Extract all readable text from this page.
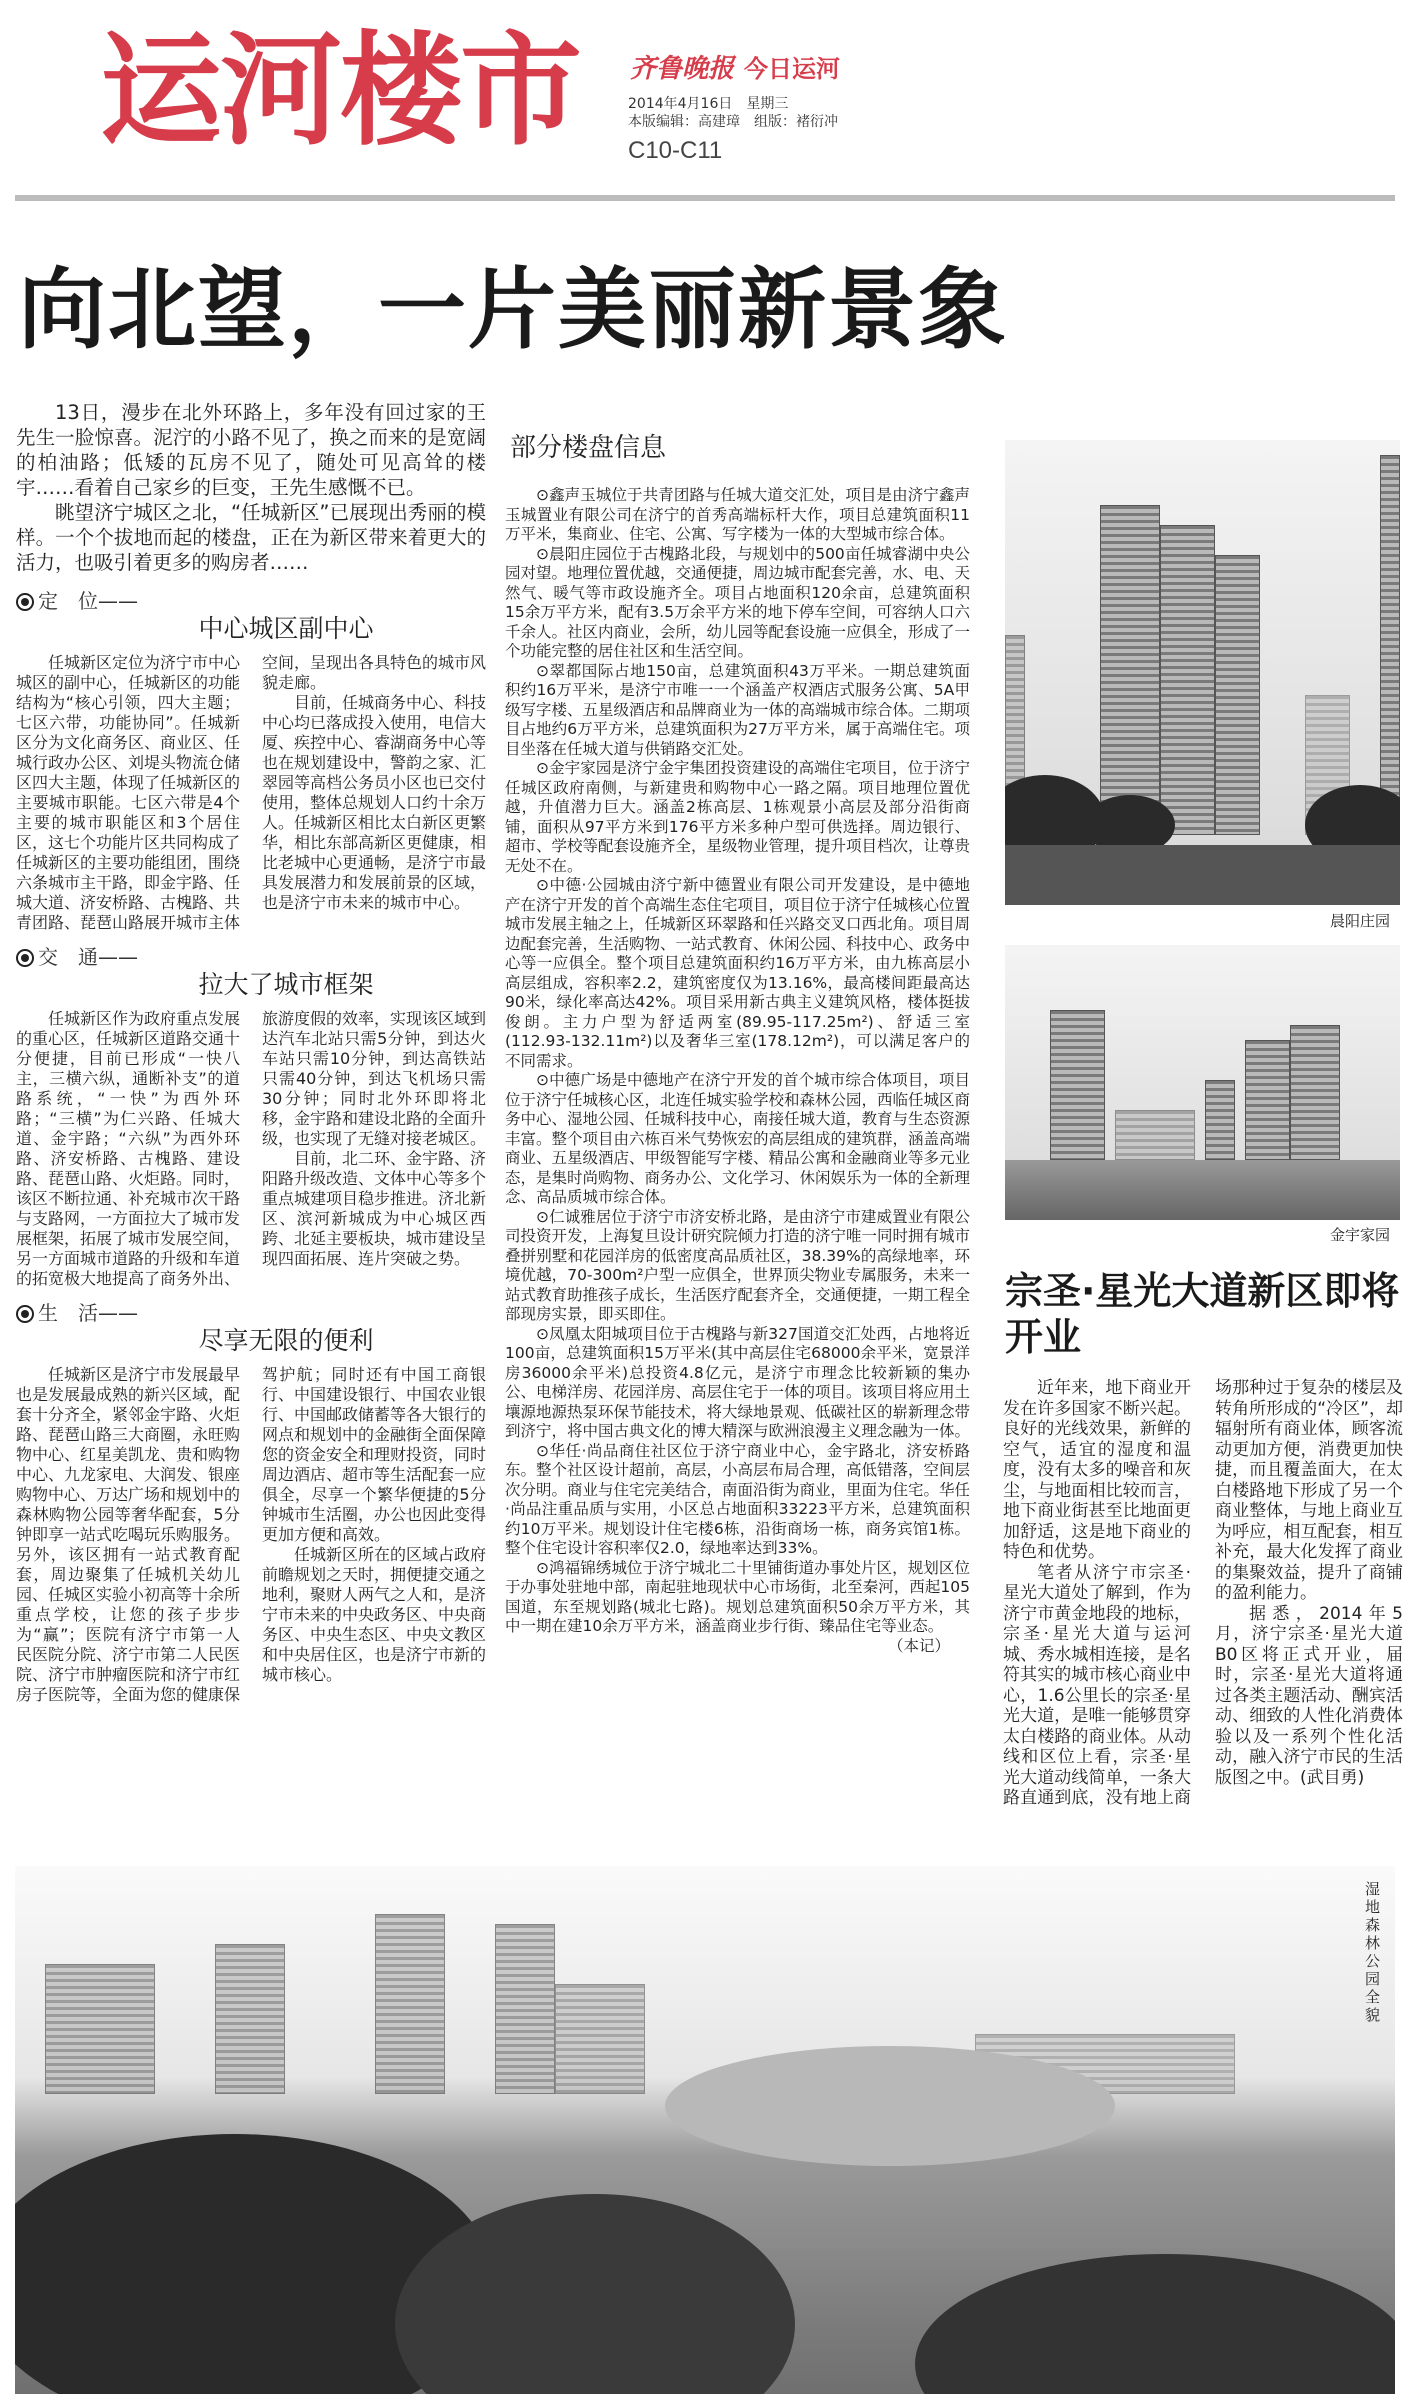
运河楼市 齐鲁晚报 今日运河
2014年4月16日　星期三
本版编辑：高建璋　组版：褚衍冲
C10-C11
向北望，一片美丽新景象

13日，漫步在北外环路上，多年没有回过家的王先生一脸惊喜。泥泞的小路不见了，换之而来的是宽阔的柏油路；低矮的瓦房不见了，随处可见高耸的楼宇……看着自己家乡的巨变，王先生感慨不已。

眺望济宁城区之北，“任城新区”已展现出秀丽的模样。一个个拔地而起的楼盘，正在为新区带来着更大的活力，也吸引着更多的购房者……

定　位——
中心城区副中心

任城新区定位为济宁市中心城区的副中心，任城新区的功能结构为“核心引领，四大主题；七区六带，功能协同”。任城新区分为文化商务区、商业区、任城行政办公区、刘堤头物流仓储区四大主题，体现了任城新区的主要城市职能。七区六带是4个主要的城市职能区和3个居住区，这七个功能片区共同构成了任城新区的主要功能组团，围绕六条城市主干路，即金宇路、任城大道、济安桥路、古槐路、共青团路、琵琶山路展开城市主体空间，呈现出各具特色的城市风貌走廊。

目前，任城商务中心、科技中心均已落成投入使用，电信大厦、疾控中心、睿湖商务中心等也在规划建设中，警韵之家、汇翠园等高档公务员小区也已交付使用，整体总规划人口约十余万人。任城新区相比太白新区更繁华，相比东部高新区更健康，相比老城中心更通畅，是济宁市最具发展潜力和发展前景的区域，也是济宁市未来的城市中心。

交　通——
拉大了城市框架

任城新区作为政府重点发展的重心区，任城新区道路交通十分便捷，目前已形成“一快八主，三横六纵，通断补支”的道路系统，“一快”为西外环路；“三横”为仁兴路、任城大道、金宇路；“六纵”为西外环路、济安桥路、古槐路、建设路、琵琶山路、火炬路。同时，该区不断拉通、补充城市次干路与支路网，一方面拉大了城市发展框架，拓展了城市发展空间，另一方面城市道路的升级和车道的拓宽极大地提高了商务外出、旅游度假的效率，实现该区域到达汽车北站只需5分钟，到达火车站只需10分钟，到达高铁站只需40分钟，到达飞机场只需30分钟；同时北外环即将北移，金宇路和建设北路的全面升级，也实现了无缝对接老城区。

目前，北二环、金宇路、济阳路升级改造、文体中心等多个重点城建项目稳步推进。济北新区、滨河新城成为中心城区西跨、北延主要板块，城市建设呈现四面拓展、连片突破之势。

生　活——
尽享无限的便利

任城新区是济宁市发展最早也是发展最成熟的新兴区域，配套十分齐全，紧邻金宇路、火炬路、琵琶山路三大商圈，永旺购物中心、红星美凯龙、贵和购物中心、九龙家电、大润发、银座购物中心、万达广场和规划中的森林购物公园等奢华配套，5分钟即享一站式吃喝玩乐购服务。另外，该区拥有一站式教育配套，周边聚集了任城机关幼儿园、任城区实验小初高等十余所重点学校，让您的孩子步步为“赢”；医院有济宁市第一人民医院分院、济宁市第二人民医院、济宁市肿瘤医院和济宁市红房子医院等，全面为您的健康保驾护航；同时还有中国工商银行、中国建设银行、中国农业银行、中国邮政储蓄等各大银行的网点和规划中的金融街全面保障您的资金安全和理财投资，同时周边酒店、超市等生活配套一应俱全，尽享一个繁华便捷的5分钟城市生活圈，办公也因此变得更加方便和高效。

任城新区所在的区域占政府前瞻规划之天时，拥便捷交通之地利，聚财人两气之人和，是济宁市未来的中央政务区、中央商务区、中央生态区、中央文教区和中央居住区，也是济宁市新的城市核心。

部分楼盘信息

⊙鑫声玉城位于共青团路与任城大道交汇处，项目是由济宁鑫声玉城置业有限公司在济宁的首秀高端标杆大作，项目总建筑面积11万平米，集商业、住宅、公寓、写字楼为一体的大型城市综合体。

⊙晨阳庄园位于古槐路北段，与规划中的500亩任城睿湖中央公园对望。地理位置优越，交通便捷，周边城市配套完善，水、电、天然气、暖气等市政设施齐全。项目占地面积120余亩，总建筑面积15余万平方米，配有3.5万余平方米的地下停车空间，可容纳人口六千余人。社区内商业，会所，幼儿园等配套设施一应俱全，形成了一个功能完整的居住社区和生活空间。

⊙翠都国际占地150亩，总建筑面积43万平米。一期总建筑面积约16万平米，是济宁市唯一一个涵盖产权酒店式服务公寓、5A甲级写字楼、五星级酒店和品牌商业为一体的高端城市综合体。二期项目占地约6万平方米，总建筑面积为27万平方米，属于高端住宅。项目坐落在任城大道与供销路交汇处。

⊙金宇家园是济宁金宇集团投资建设的高端住宅项目，位于济宁任城区政府南侧，与新建贵和购物中心一路之隔。项目地理位置优越，升值潜力巨大。涵盖2栋高层、1栋观景小高层及部分沿街商铺，面积从97平方米到176平方米多种户型可供选择。周边银行、超市、学校等配套设施齐全，星级物业管理，提升项目档次，让尊贵无处不在。

⊙中德·公园城由济宁新中德置业有限公司开发建设，是中德地产在济宁开发的首个高端生态住宅项目，项目位于济宁任城核心位置城市发展主轴之上，任城新区环翠路和任兴路交叉口西北角。项目周边配套完善，生活购物、一站式教育、休闲公园、科技中心、政务中心等一应俱全。整个项目总建筑面积约16万平方米，由九栋高层小高层组成，容积率2.2，建筑密度仅为13.16%，最高楼间距最高达90米，绿化率高达42%。项目采用新古典主义建筑风格，楼体挺拔俊朗。主力户型为舒适两室(89.95-117.25m²)、舒适三室(112.93-132.11m²)以及奢华三室(178.12m²)，可以满足客户的不同需求。

⊙中德广场是中德地产在济宁开发的首个城市综合体项目，项目位于济宁任城核心区，北连任城实验学校和森林公园，西临任城区商务中心、湿地公园、任城科技中心，南接任城大道，教育与生态资源丰富。整个项目由六栋百米气势恢宏的高层组成的建筑群，涵盖高端商业、五星级酒店、甲级智能写字楼、精品公寓和金融商业等多元业态，是集时尚购物、商务办公、文化学习、休闲娱乐为一体的全新理念、高品质城市综合体。

⊙仁诚雅居位于济宁市济安桥北路，是由济宁市建威置业有限公司投资开发，上海复旦设计研究院倾力打造的济宁唯一同时拥有城市叠拼别墅和花园洋房的低密度高品质社区，38.39%的高绿地率，环境优越，70-300m²户型一应俱全，世界顶尖物业专属服务，未来一站式教育助推孩子成长，生活医疗配套齐全，交通便捷，一期工程全部现房实景，即买即住。

⊙凤凰太阳城项目位于古槐路与新327国道交汇处西，占地将近100亩，总建筑面积15万平米(其中高层住宅68000余平米，宽景洋房36000余平米)总投资4.8亿元，是济宁市理念比较新颖的集办公、电梯洋房、花园洋房、高层住宅于一体的项目。该项目将应用土壤源地源热泵环保节能技术，将大绿地景观、低碳社区的崭新理念带到济宁，将中国古典文化的博大精深与欧洲浪漫主义理念融为一体。

⊙华任·尚品商住社区位于济宁商业中心，金宇路北，济安桥路东。整个社区设计超前，高层，小高层布局合理，高低错落，空间层次分明。商业与住宅完美结合，南面沿街为商业，里面为住宅。华任·尚品注重品质与实用，小区总占地面积33223平方米，总建筑面积约10万平米。规划设计住宅楼6栋，沿街商场一栋，商务宾馆1栋。整个住宅设计容积率仅2.0，绿地率达到33%。

⊙鸿福锦绣城位于济宁城北二十里铺街道办事处片区，规划区位于办事处驻地中部，南起驻地现状中心市场街，北至秦河，西起105国道，东至规划路(城北七路)。规划总建筑面积50余万平方米，其中一期在建10余万平方米，涵盖商业步行街、臻品住宅等业态。

（本记）

晨阳庄园
金宇家园
宗圣·星光大道新区即将开业

近年来，地下商业开发在许多国家不断兴起。良好的光线效果，新鲜的空气，适宜的湿度和温度，没有太多的噪音和灰尘，与地面相比较而言，地下商业街甚至比地面更加舒适，这是地下商业的特色和优势。

笔者从济宁市宗圣·星光大道处了解到，作为济宁市黄金地段的地标，宗圣·星光大道与运河城、秀水城相连接，是名符其实的城市核心商业中心，1.6公里长的宗圣·星光大道，是唯一能够贯穿太白楼路的商业体。从动线和区位上看，宗圣·星光大道动线简单，一条大路直通到底，没有地上商场那种过于复杂的楼层及转角所形成的“冷区”，却辐射所有商业体，顾客流动更加方便，消费更加快捷，而且覆盖面大，在太白楼路地下形成了另一个商业整体，与地上商业互为呼应，相互配套，相互补充，最大化发挥了商业的集聚效益，提升了商铺的盈利能力。

据悉，2014年5月，济宁宗圣·星光大道B0区将正式开业，届时，宗圣·星光大道将通过各类主题活动、酬宾活动、细致的人性化消费体验以及一系列个性化活动，融入济宁市民的生活版图之中。(武目勇)

湿地森林公园全貌
